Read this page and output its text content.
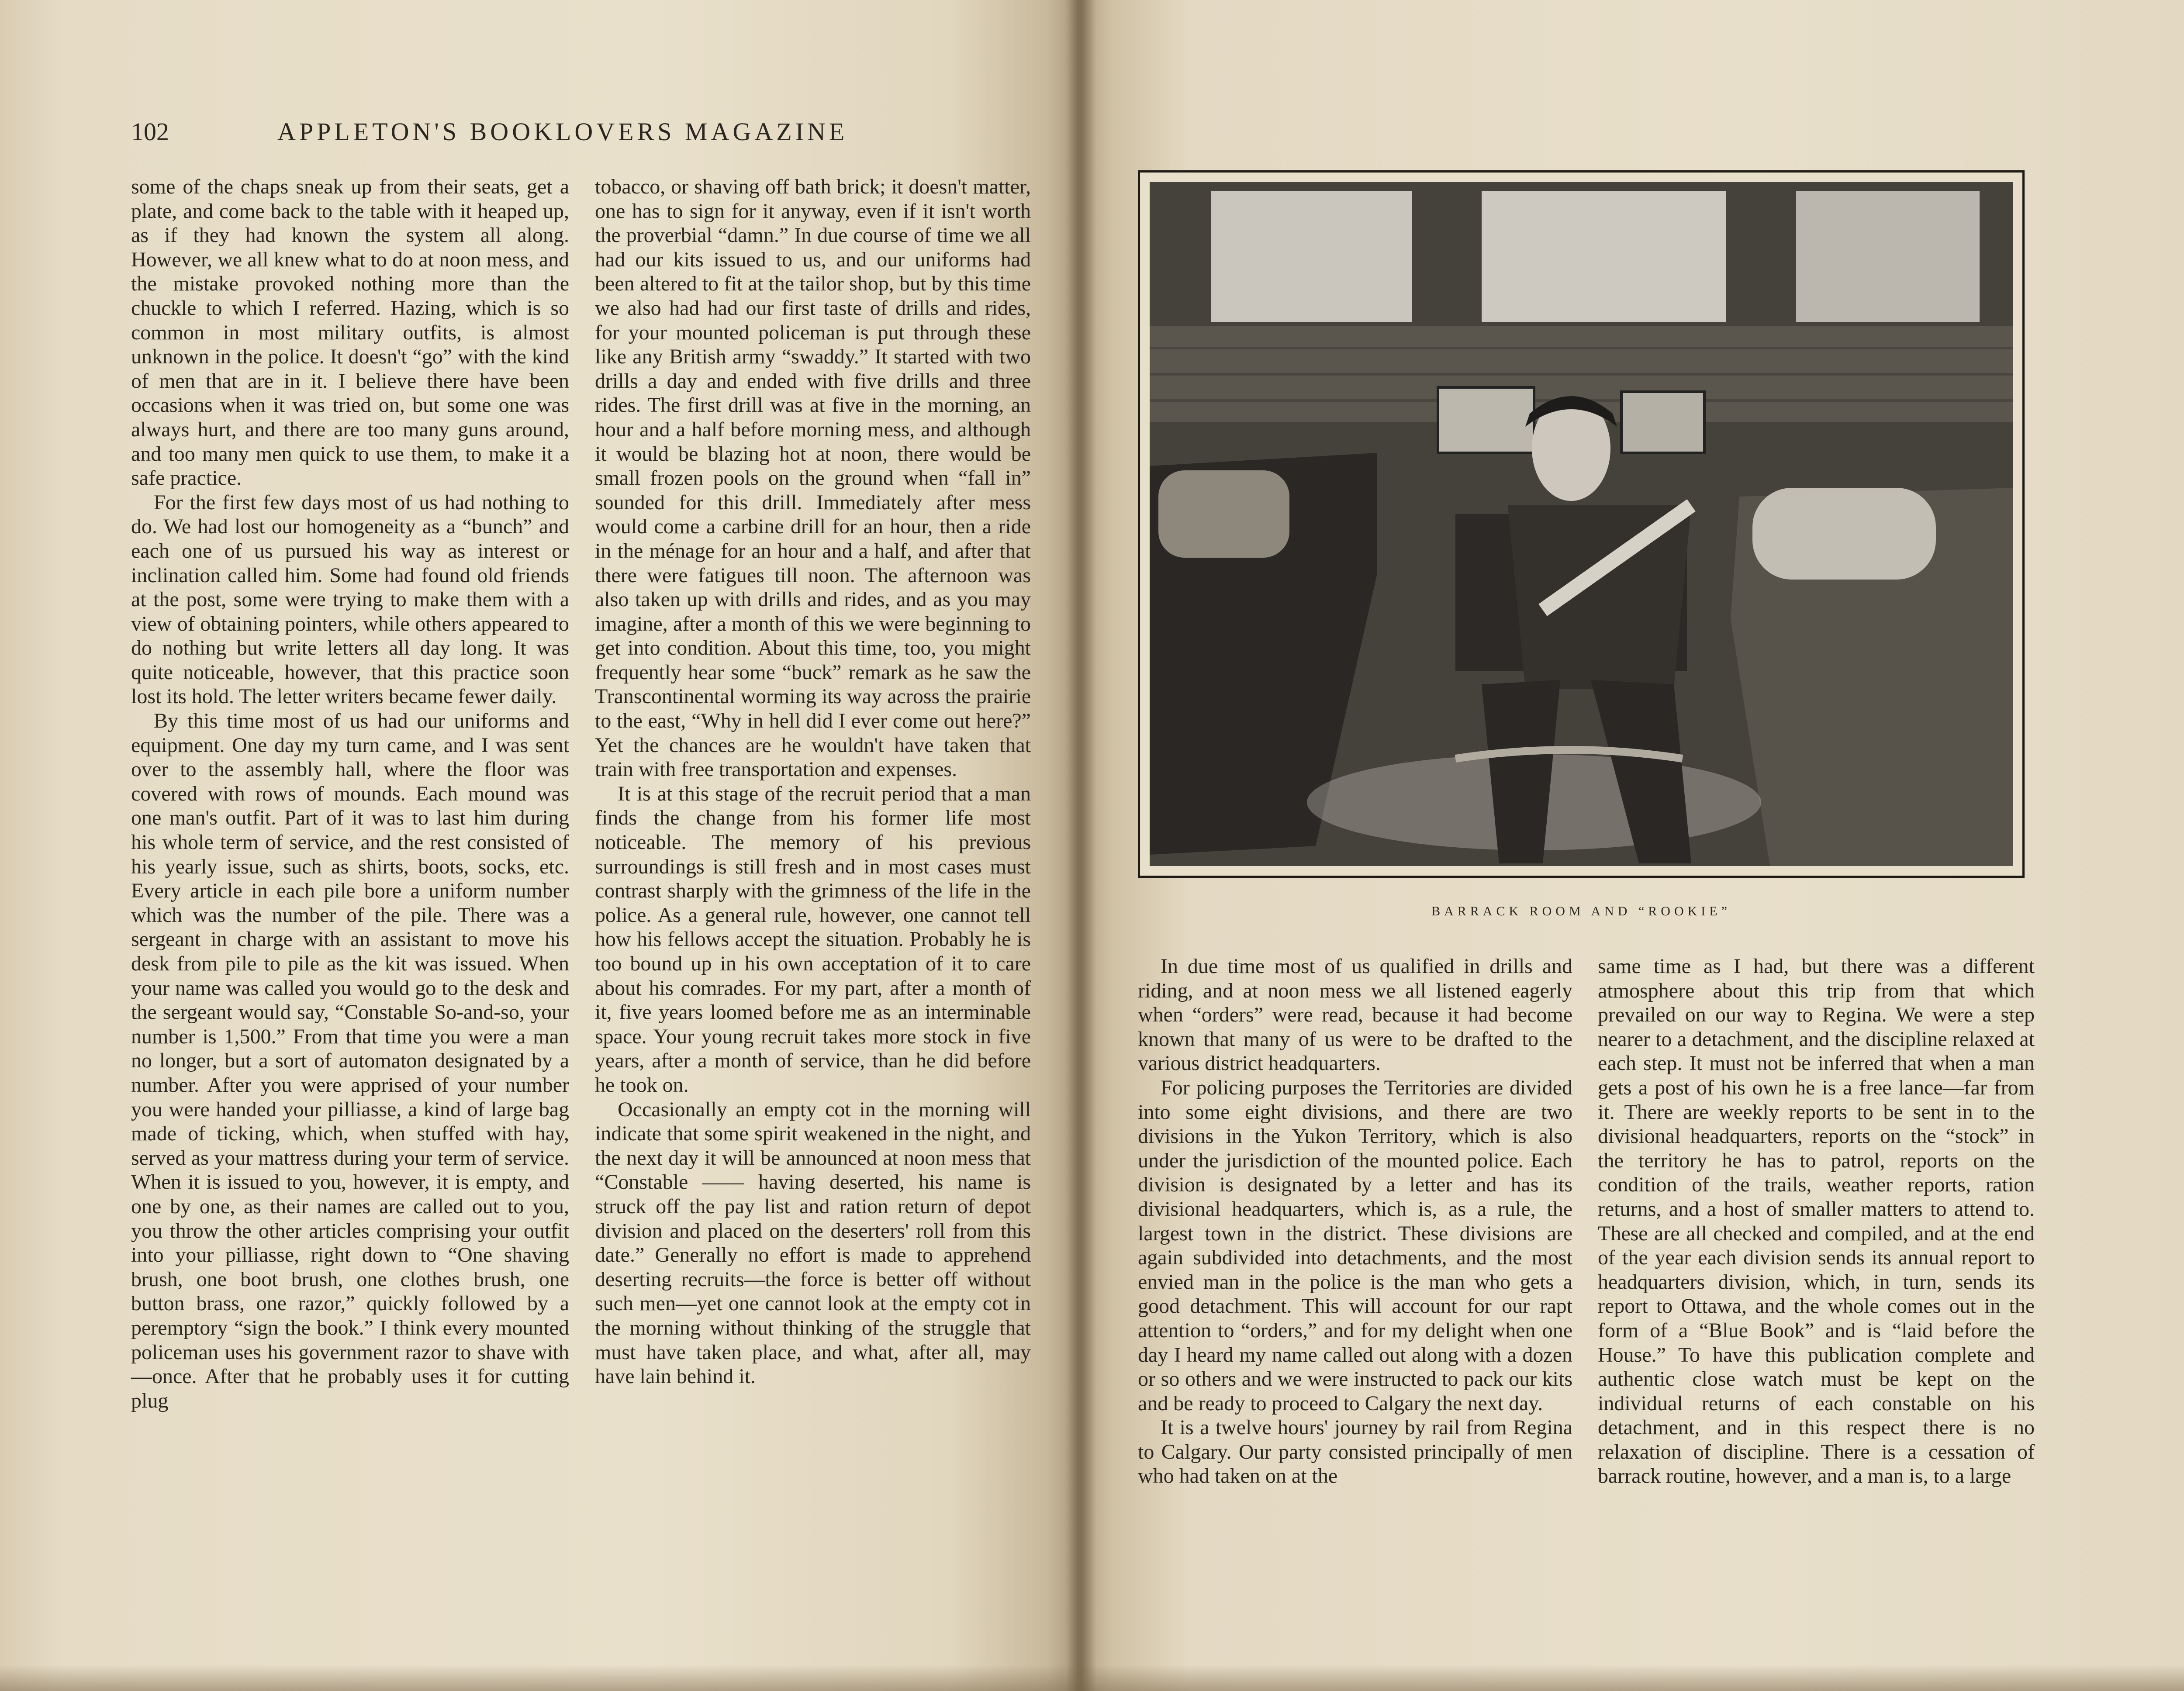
102	APPLETON'S BOOKLOVERS MAGAZINE

some of the chaps sneak up from their seats, get a plate, and come back to the table with it heaped up, as if they had known the system all along. However, we all knew what to do at noon mess, and the mistake provoked nothing more than the chuckle to which I referred. Hazing, which is so common in most military outfits, is almost unknown in the police. It doesn't “go” with the kind of men that are in it. I believe there have been occasions when it was tried on, but some one was always hurt, and there are too many guns around, and too many men quick to use them, to make it a safe practice.

For the first few days most of us had nothing to do. We had lost our homogeneity as a “bunch” and each one of us pursued his way as interest or inclination called him. Some had found old friends at the post, some were trying to make them with a view of obtaining pointers, while others appeared to do nothing but write letters all day long. It was quite noticeable, however, that this practice soon lost its hold. The letter writers became fewer daily.

By this time most of us had our uniforms and equipment. One day my turn came, and I was sent over to the assembly hall, where the floor was covered with rows of mounds. Each mound was one man's outfit. Part of it was to last him during his whole term of service, and the rest consisted of his yearly issue, such as shirts, boots, socks, etc. Every article in each pile bore a uniform number which was the number of the pile. There was a sergeant in charge with an assistant to move his desk from pile to pile as the kit was issued. When your name was called you would go to the desk and the sergeant would say, “Constable So-and-so, your number is 1,500.” From that time you were a man no longer, but a sort of automaton designated by a number. After you were apprised of your number you were handed your pilliasse, a kind of large bag made of ticking, which, when stuffed with hay, served as your mattress during your term of service. When it is issued to you, however, it is empty, and one by one, as their names are called out to you, you throw the other articles comprising your outfit into your pilliasse, right down to “One shaving brush, one boot brush, one clothes brush, one button brass, one razor,” quickly followed by a peremptory “sign the book.” I think every mounted policeman uses his government razor to shave with—once. After that he probably uses it for cutting plug

tobacco, or shaving off bath brick; it doesn't matter, one has to sign for it anyway, even if it isn't worth the proverbial “damn.” In due course of time we all had our kits issued to us, and our uniforms had been altered to fit at the tailor shop, but by this time we also had had our first taste of drills and rides, for your mounted policeman is put through these like any British army “swaddy.” It started with two drills a day and ended with five drills and three rides. The first drill was at five in the morning, an hour and a half before morning mess, and although it would be blazing hot at noon, there would be small frozen pools on the ground when “fall in” sounded for this drill. Immediately after mess would come a carbine drill for an hour, then a ride in the ménage for an hour and a half, and after that there were fatigues till noon. The afternoon was also taken up with drills and rides, and as you may imagine, after a month of this we were beginning to get into condition. About this time, too, you might frequently hear some “buck” remark as he saw the Transcontinental worming its way across the prairie to the east, “Why in hell did I ever come out here?” Yet the chances are he wouldn't have taken that train with free transportation and expenses.

It is at this stage of the recruit period that a man finds the change from his former life most noticeable. The memory of his previous surroundings is still fresh and in most cases must contrast sharply with the grimness of the life in the police. As a general rule, however, one cannot tell how his fellows accept the situation. Probably he is too bound up in his own acceptation of it to care about his comrades. For my part, after a month of it, five years loomed before me as an interminable space. Your young recruit takes more stock in five years, after a month of service, than he did before he took on.

Occasionally an empty cot in the morning will indicate that some spirit weakened in the night, and the next day it will be announced at noon mess that “Constable —— having deserted, his name is struck off the pay list and ration return of depot division and placed on the deserters' roll from this date.” Generally no effort is made to apprehend deserting recruits—the force is better off without such men—yet one cannot look at the empty cot in the morning without thinking of the struggle that must have taken place, and what, after all, may have lain behind it.

BARRACK ROOM AND “ROOKIE”

In due time most of us qualified in drills and riding, and at noon mess we all listened eagerly when “orders” were read, because it had become known that many of us were to be drafted to the various district headquarters.

For policing purposes the Territories are divided into some eight divisions, and there are two divisions in the Yukon Territory, which is also under the jurisdiction of the mounted police. Each division is designated by a letter and has its divisional headquarters, which is, as a rule, the largest town in the district. These divisions are again subdivided into detachments, and the most envied man in the police is the man who gets a good detachment. This will account for our rapt attention to “orders,” and for my delight when one day I heard my name called out along with a dozen or so others and we were instructed to pack our kits and be ready to proceed to Calgary the next day.

It is a twelve hours' journey by rail from Regina to Calgary. Our party consisted principally of men who had taken on at the

same time as I had, but there was a different atmosphere about this trip from that which prevailed on our way to Regina. We were a step nearer to a detachment, and the discipline relaxed at each step. It must not be inferred that when a man gets a post of his own he is a free lance—far from it. There are weekly reports to be sent in to the divisional headquarters, reports on the “stock” in the territory he has to patrol, reports on the condition of the trails, weather reports, ration returns, and a host of smaller matters to attend to. These are all checked and compiled, and at the end of the year each division sends its annual report to headquarters division, which, in turn, sends its report to Ottawa, and the whole comes out in the form of a “Blue Book” and is “laid before the House.” To have this publication complete and authentic close watch must be kept on the individual returns of each constable on his detachment, and in this respect there is no relaxation of discipline. There is a cessation of barrack routine, however, and a man is, to a large
